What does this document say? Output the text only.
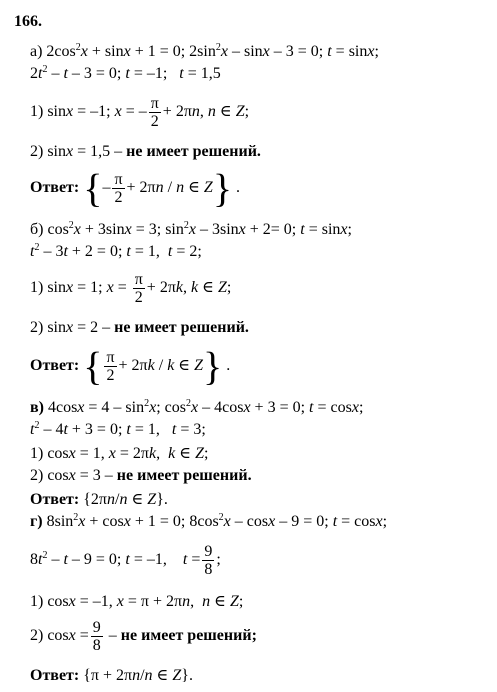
166.
а) $2\cos^2x + \sin x + 1 = 0$; $2\sin^2x - \sin x - 3 = 0$; t = sinx;
$2t^2 - t - 3 = 0$; t = –1;   t = 1,5
1) sinx = –1; x = – $\frac{\pi}{2} + 2\pi n$, n ∈ Z;
2) sinx = 1,5 – не имеет решений.
Ответ: {– $\frac{\pi}{2} + 2\pi n / n$ ∈ Z} .
б) $\cos^2x + 3\sin x = 3$; $\sin^2x - 3\sin x + 2= 0$; t = sinx;
$t^2 - 3t + 2 = 0$; t = 1,  t = 2;
1) sinx = 1; $x = \frac{\pi}{2} + 2\pi k$, k ∈ Z;
2) sinx = 2 – не имеет решений.
Ответ: { $\frac{\pi}{2} + 2\pi k / k$ ∈ Z} .
в) $4\cos x = 4 - \sin^2x$; $\cos^2x - 4\cos x + 3 = 0$; t = cosx;
$t^2 - 4t + 3 = 0$; t = 1,   t = 3;
1) cosx = 1, x = 2πk,  k ∈ Z;
2) cosx = 3 – не имеет решений.
Ответ: {2πn/n ∈ Z}.
г) $8\sin^2x + \cos x + 1 = 0$; $8\cos^2x - \cos x - 9 = 0$; t = cosx;
$8t^2 - t - 9 = 0$; t = –1,    $t = \frac{9}{8}$ ;
1) cosx = –1, x = π + 2πn,  n ∈ Z;
2) $\cos x = \frac{9}{8}$ – не имеет решений;
Ответ: {π + 2πn/n ∈ Z}.
